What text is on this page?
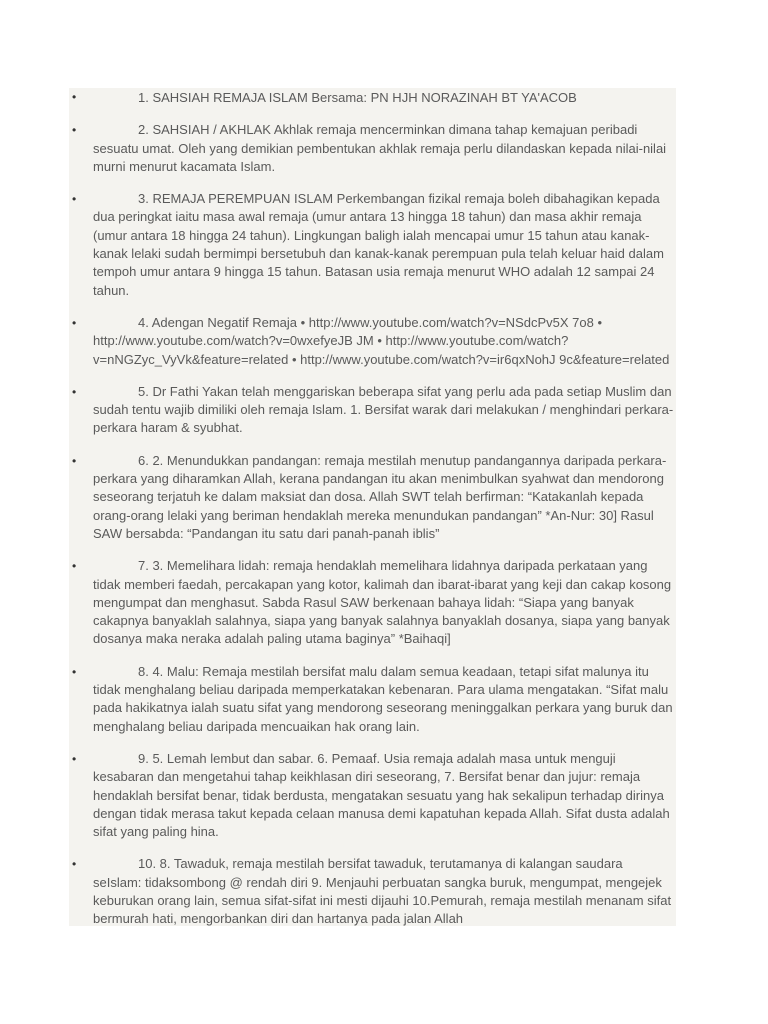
•	1. SAHSIAH REMAJA ISLAM Bersama: PN HJH NORAZINAH BT YA'ACOB
•	2. SAHSIAH / AKHLAK Akhlak remaja mencerminkan dimana tahap kemajuan peribadi sesuatu umat. Oleh yang demikian pembentukan akhlak remaja perlu dilandaskan kepada nilai-nilai murni menurut kacamata Islam.
•	3. REMAJA PEREMPUAN ISLAM Perkembangan fizikal remaja boleh dibahagikan kepada dua peringkat iaitu masa awal remaja (umur antara 13 hingga 18 tahun) dan masa akhir remaja (umur antara 18 hingga 24 tahun). Lingkungan baligh ialah mencapai umur 15 tahun atau kanak-kanak lelaki sudah bermimpi bersetubuh dan kanak-kanak perempuan pula telah keluar haid dalam tempoh umur antara 9 hingga 15 tahun. Batasan usia remaja menurut WHO adalah 12 sampai 24 tahun.
•	4. Adengan Negatif Remaja • http://www.youtube.com/watch?v=NSdcPv5X 7o8 • http://www.youtube.com/watch?v=0wxefyeJB JM • http://www.youtube.com/watch?v=nNGZyc_VyVk&feature=related • http://www.youtube.com/watch?v=ir6qxNohJ 9c&feature=related
•	5. Dr Fathi Yakan telah menggariskan beberapa sifat yang perlu ada pada setiap Muslim dan sudah tentu wajib dimiliki oleh remaja Islam. 1. Bersifat warak dari melakukan / menghindari perkara-perkara haram & syubhat.
•	6. 2. Menundukkan pandangan: remaja mestilah menutup pandangannya daripada perkara- perkara yang diharamkan Allah, kerana pandangan itu akan menimbulkan syahwat dan mendorong seseorang terjatuh ke dalam maksiat dan dosa. Allah SWT telah berfirman: “Katakanlah kepada orang-orang lelaki yang beriman hendaklah mereka menundukan pandangan” *An-Nur: 30] Rasul SAW bersabda: “Pandangan itu satu dari panah-panah iblis”
•	7. 3. Memelihara lidah: remaja hendaklah memelihara lidahnya daripada perkataan yang tidak memberi faedah, percakapan yang kotor, kalimah dan ibarat-ibarat yang keji dan cakap kosong mengumpat dan menghasut. Sabda Rasul SAW berkenaan bahaya lidah: “Siapa yang banyak cakapnya banyaklah salahnya, siapa yang banyak salahnya banyaklah dosanya, siapa yang banyak dosanya maka neraka adalah paling utama baginya” *Baihaqi]
•	8. 4. Malu: Remaja mestilah bersifat malu dalam semua keadaan, tetapi sifat malunya itu tidak menghalang beliau daripada memperkatakan kebenaran. Para ulama mengatakan. “Sifat malu pada hakikatnya ialah suatu sifat yang mendorong seseorang meninggalkan perkara yang buruk dan menghalang beliau daripada mencuaikan hak orang lain.
•	9. 5. Lemah lembut dan sabar. 6. Pemaaf. Usia remaja adalah masa untuk menguji kesabaran dan mengetahui tahap keikhlasan diri seseorang, 7. Bersifat benar dan jujur: remaja hendaklah bersifat benar, tidak berdusta, mengatakan sesuatu yang hak sekalipun terhadap dirinya dengan tidak merasa takut kepada celaan manusa demi kapatuhan kepada Allah. Sifat dusta adalah sifat yang paling hina.
•	10. 8. Tawaduk, remaja mestilah bersifat tawaduk, terutamanya di kalangan saudara seIslam: tidaksombong @ rendah diri 9. Menjauhi perbuatan sangka buruk, mengumpat, mengejek keburukan orang lain, semua sifat-sifat ini mesti dijauhi 10.Pemurah, remaja mestilah menanam sifat bermurah hati, mengorbankan diri dan hartanya pada jalan Allah
